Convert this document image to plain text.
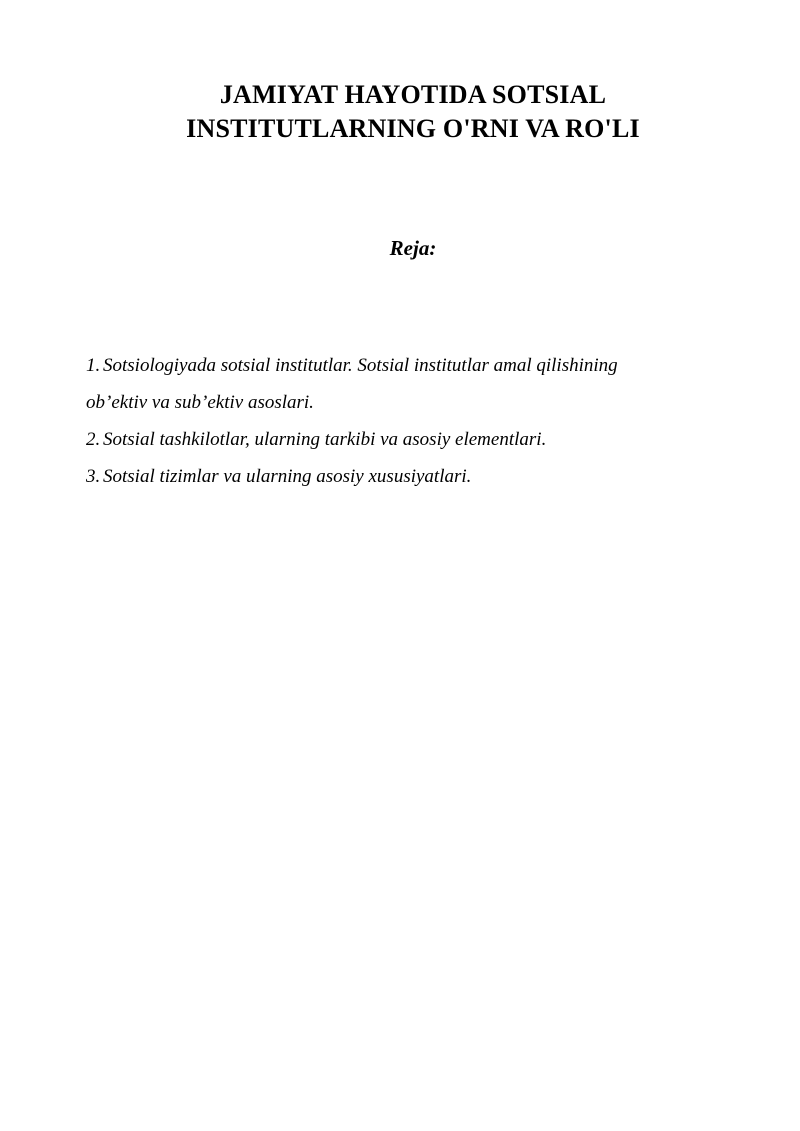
JAMIYAT HAYOTIDA SOTSIAL
INSTITUTLARNING O'RNI VA RO'LI
Reja:
1. Sotsiologiyada sotsial institutlar. Sotsial institutlar amal qilishining
ob’ektiv va sub’ektiv asoslari.
2. Sotsial tashkilotlar, ularning tarkibi va asosiy elementlari.
3. Sotsial tizimlar va ularning asosiy xususiyatlari.
